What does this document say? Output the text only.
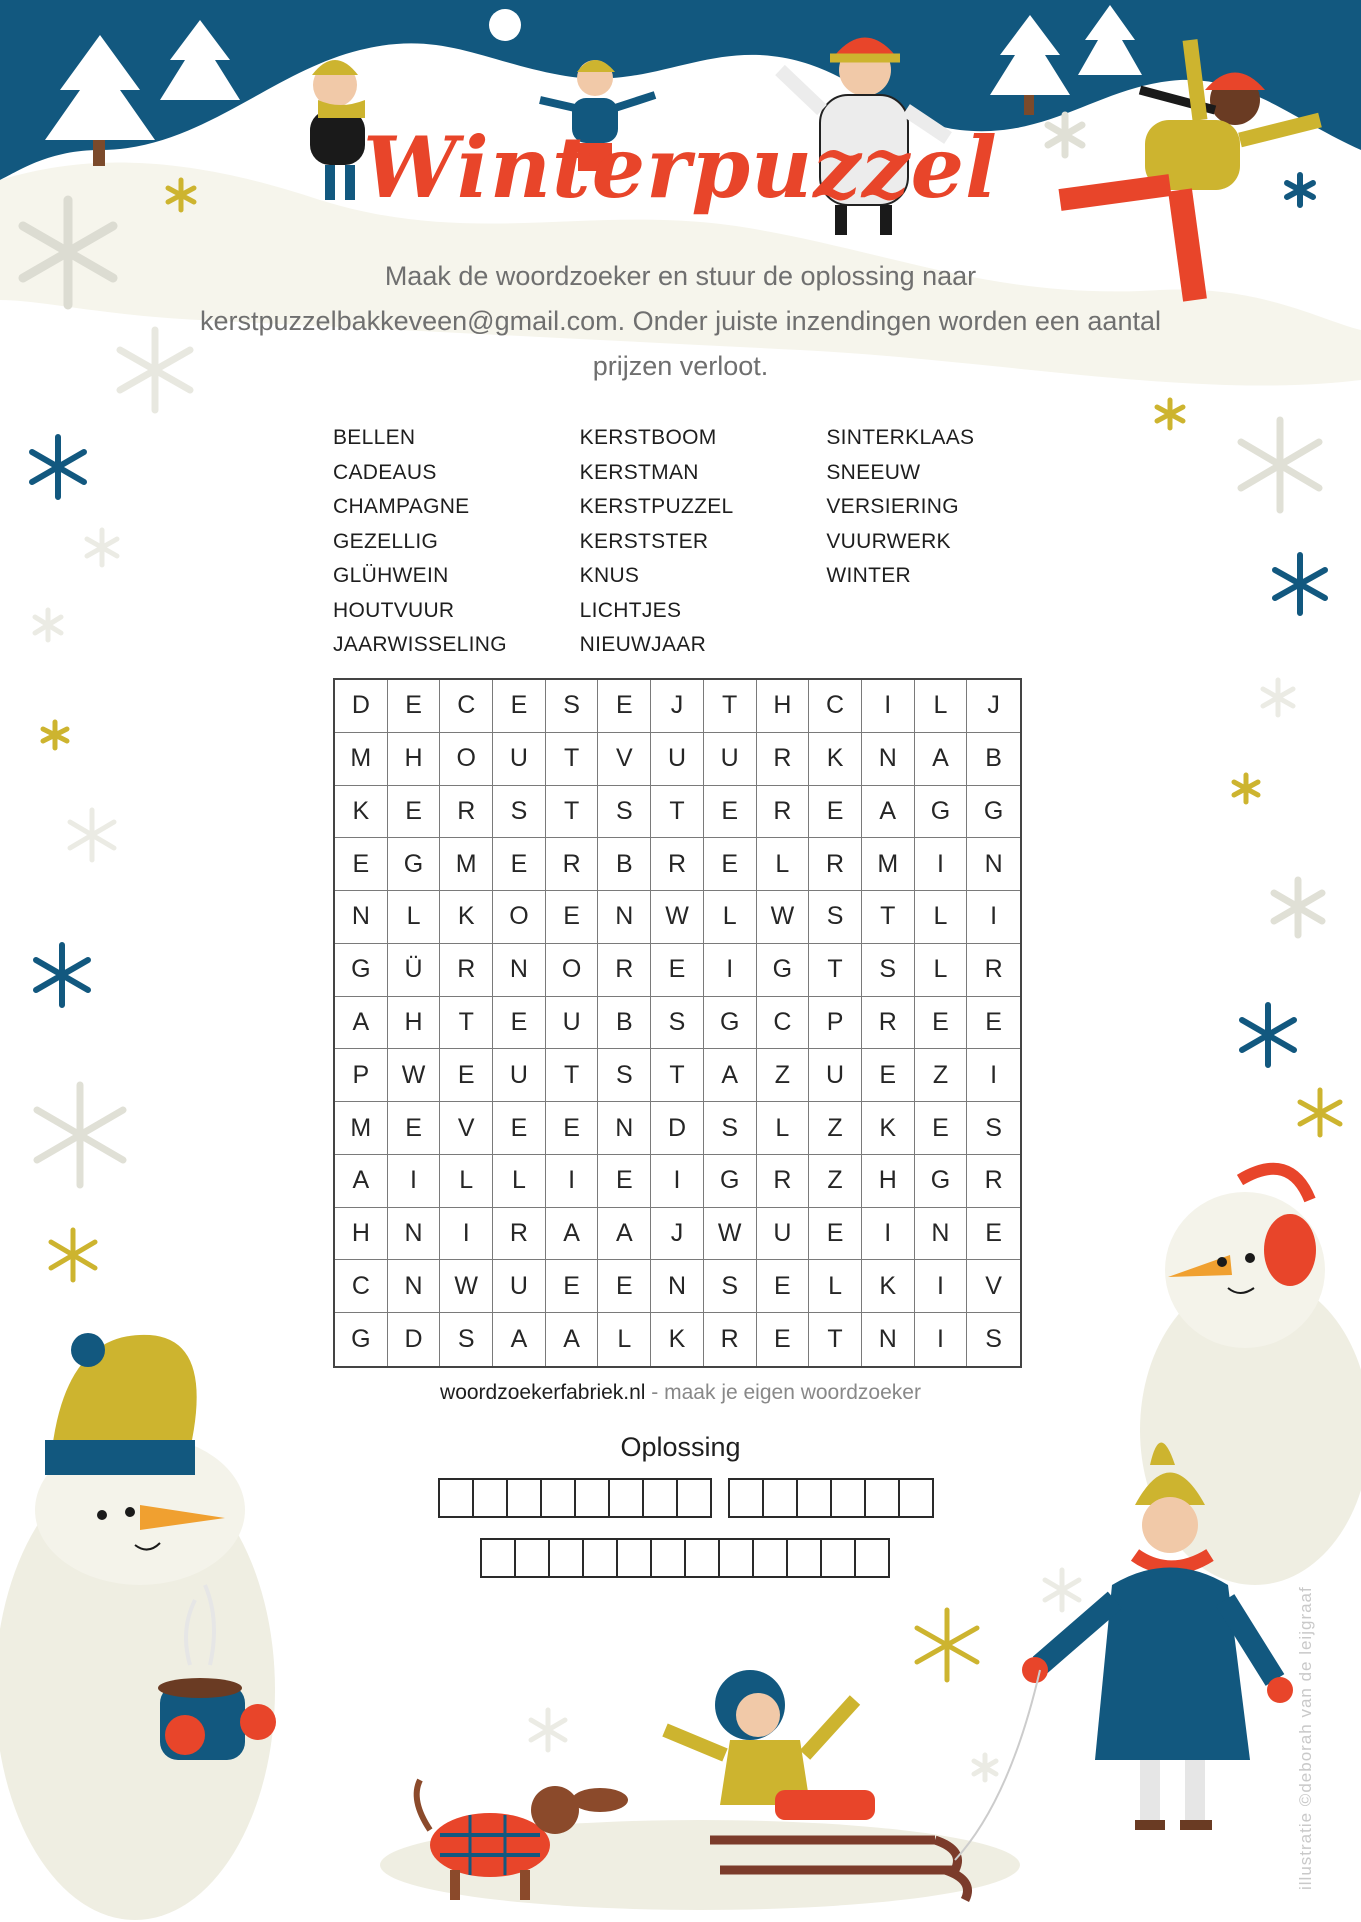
Winterpuzzel
Maak de woordzoeker en stuur de oplossing naar kerstpuzzelbakkeveen@gmail.com. Onder juiste inzendingen worden een aantal prijzen verloot.
BELLEN
CADEAUS
CHAMPAGNE
GEZELLIG
GLÜHWEIN
HOUTVUUR
JAARWISSELING
KERSTBOOM
KERSTMAN
KERSTPUZZEL
KERSTSTER
KNUS
LICHTJES
NIEUWJAAR
SINTERKLAAS
SNEEUW
VERSIERING
VUURWERK
WINTER
D	E	C	E	S	E	J	T	H	C	I	L	J
M	H	O	U	T	V	U	U	R	K	N	A	B
K	E	R	S	T	S	T	E	R	E	A	G	G
E	G	M	E	R	B	R	E	L	R	M	I	N
N	L	K	O	E	N	W	L	W	S	T	L	I
G	Ü	R	N	O	R	E	I	G	T	S	L	R
A	H	T	E	U	B	S	G	C	P	R	E	E
P	W	E	U	T	S	T	A	Z	U	E	Z	I
M	E	V	E	E	N	D	S	L	Z	K	E	S
A	I	L	L	I	E	I	G	R	Z	H	G	R
H	N	I	R	A	A	J	W	U	E	I	N	E
C	N	W	U	E	E	N	S	E	L	K	I	V
G	D	S	A	A	L	K	R	E	T	N	I	S
woordzoekerfabriek.nl - maak je eigen woordzoeker
Oplossing
illustratie ©deborah van de leijgraaf
